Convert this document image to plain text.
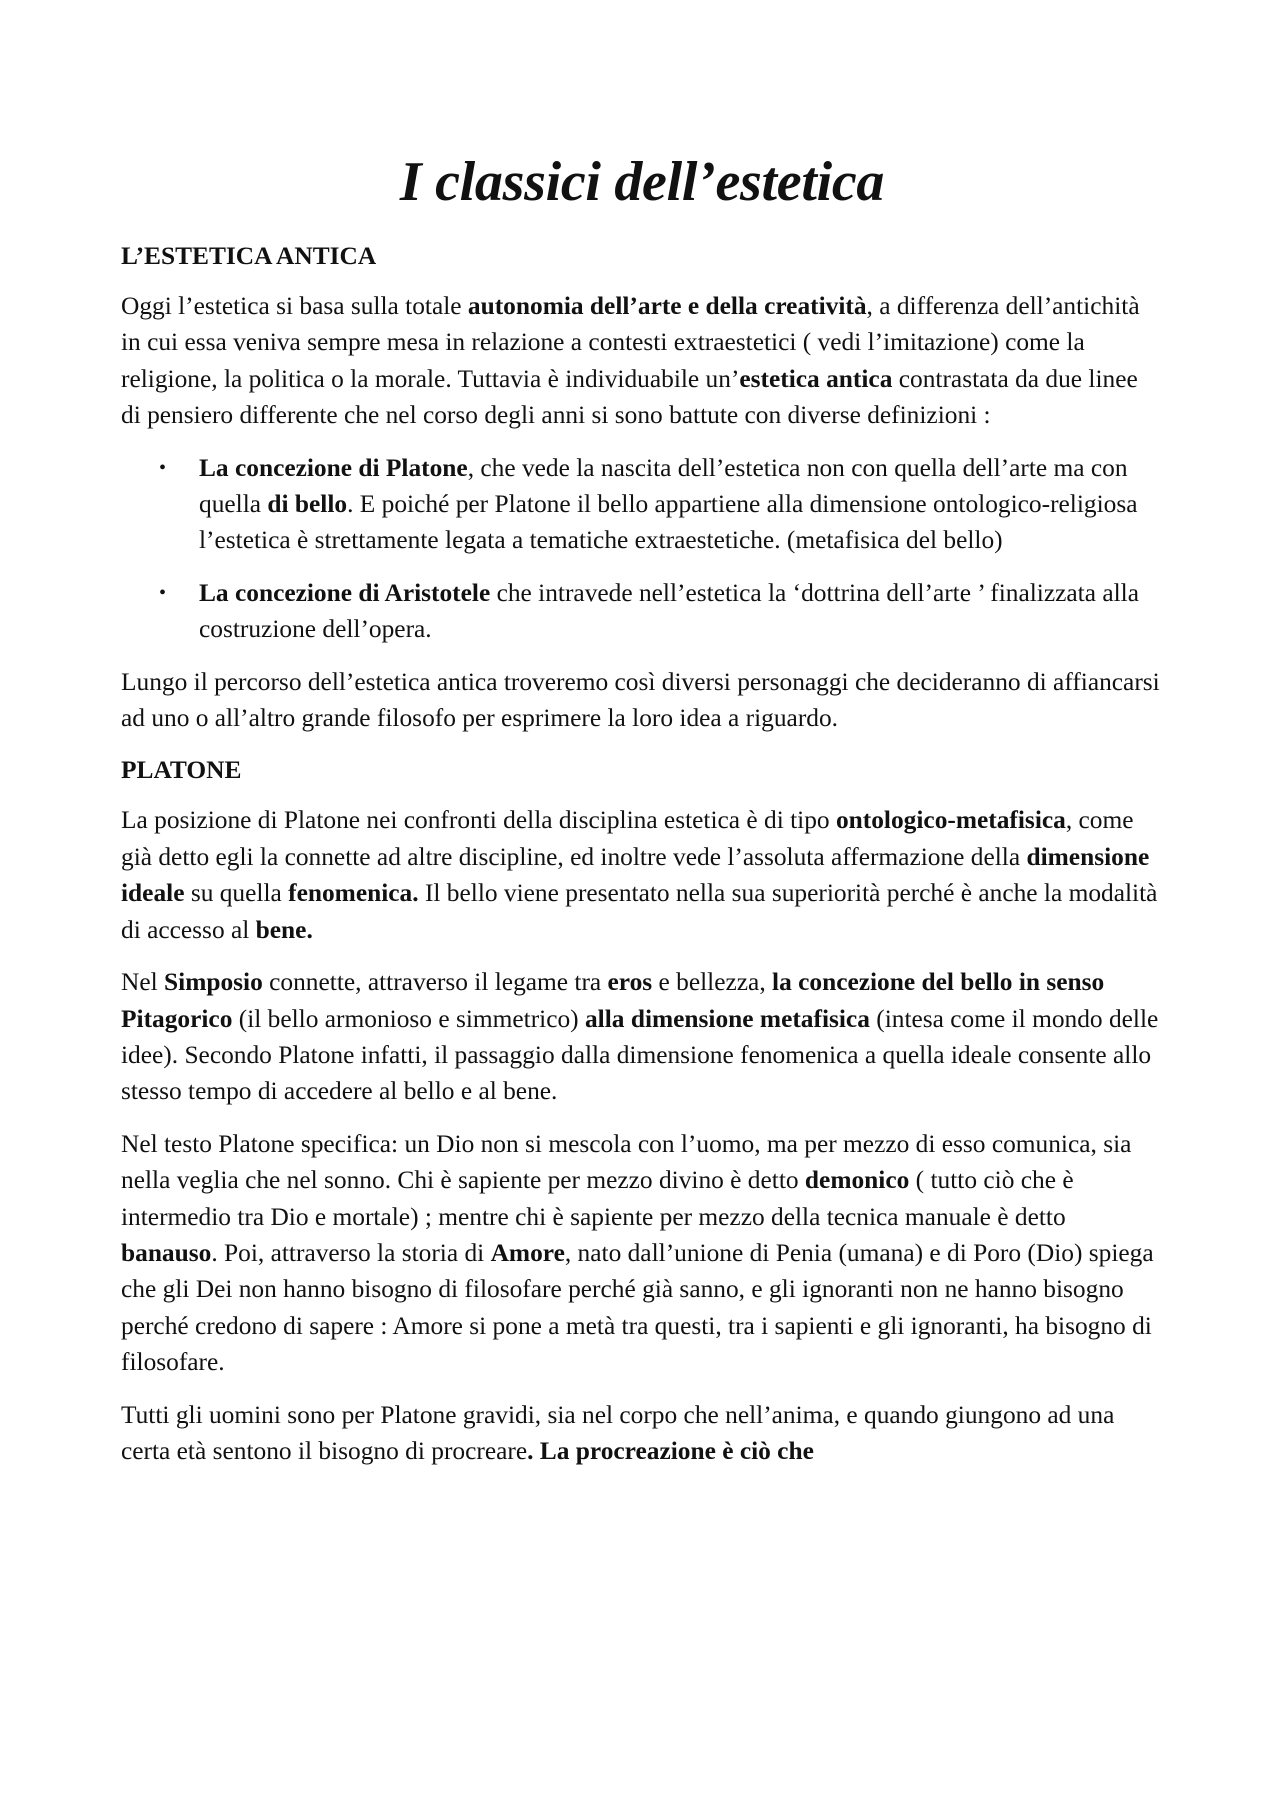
I classici dell’estetica
L’ESTETICA ANTICA

Oggi l’estetica si basa sulla totale autonomia dell’arte e della creatività, a differenza dell’antichità in cui essa veniva sempre mesa in relazione a contesti extraestetici ( vedi l’imitazione) come la religione, la politica o la morale. Tuttavia è individuabile un’estetica antica contrastata da due linee di pensiero differente che nel corso degli anni si sono battute con diverse definizioni :

• La concezione di Platone, che vede la nascita dell’estetica non con quella dell’arte ma con quella di bello. E poiché per Platone il bello appartiene alla dimensione ontologico-religiosa l’estetica è strettamente legata a tematiche extraestetiche. (metafisica del bello)
• La concezione di Aristotele che intravede nell’estetica la ‘dottrina dell’arte ’ finalizzata alla costruzione dell’opera.

Lungo il percorso dell’estetica antica troveremo così diversi personaggi che decideranno di affiancarsi ad uno o all’altro grande filosofo per esprimere la loro idea a riguardo.

PLATONE

La posizione di Platone nei confronti della disciplina estetica è di tipo ontologico-metafisica, come già detto egli la connette ad altre discipline, ed inoltre vede l’assoluta affermazione della dimensione ideale su quella fenomenica. Il bello viene presentato nella sua superiorità perché è anche la modalità di accesso al bene.

Nel Simposio connette, attraverso il legame tra eros e bellezza, la concezione del bello in senso Pitagorico (il bello armonioso e simmetrico) alla dimensione metafisica (intesa come il mondo delle idee). Secondo Platone infatti, il passaggio dalla dimensione fenomenica a quella ideale consente allo stesso tempo di accedere al bello e al bene.

Nel testo Platone specifica: un Dio non si mescola con l’uomo, ma per mezzo di esso comunica, sia nella veglia che nel sonno. Chi è sapiente per mezzo divino è detto demonico ( tutto ciò che è intermedio tra Dio e mortale) ; mentre chi è sapiente per mezzo della tecnica manuale è detto banauso. Poi, attraverso la storia di Amore, nato dall’unione di Penia (umana) e di Poro (Dio) spiega che gli Dei non hanno bisogno di filosofare perché già sanno, e gli ignoranti non ne hanno bisogno perché credono di sapere : Amore si pone a metà tra questi, tra i sapienti e gli ignoranti, ha bisogno di filosofare.

Tutti gli uomini sono per Platone gravidi, sia nel corpo che nell’anima, e quando giungono ad una certa età sentono il bisogno di procreare. La procreazione è ciò che
